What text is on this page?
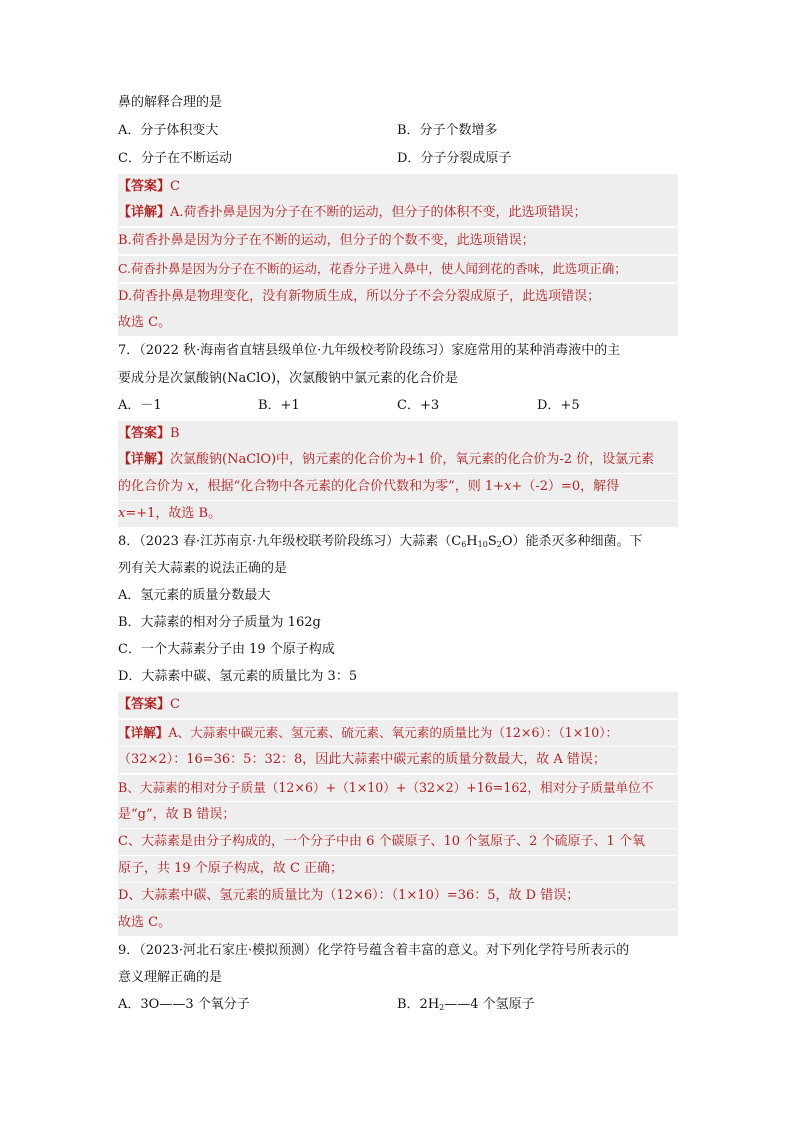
鼻的解释合理的是
A．分子体积变大	B．分子个数增多
C．分子在不断运动	D．分子分裂成原子
【答案】C
【详解】A.荷香扑鼻是因为分子在不断的运动，但分子的体积不变，此选项错误；
B.荷香扑鼻是因为分子在不断的运动，但分子的个数不变，此选项错误；
C.荷香扑鼻是因为分子在不断的运动，花香分子进入鼻中，使人闻到花的香味，此选项正确；
D.荷香扑鼻是物理变化，没有新物质生成，所以分子不会分裂成原子，此选项错误；
故选 C。
7．（2022 秋·海南省直辖县级单位·九年级校考阶段练习）家庭常用的某种消毒液中的主
要成分是次氯酸钠(NaClO)，次氯酸钠中氯元素的化合价是
A．－1	B．+1	C．+3	D．+5
【答案】B
【详解】次氯酸钠(NaClO)中，钠元素的化合价为+1 价，氧元素的化合价为-2 价，设氯元素
的化合价为 x，根据“化合物中各元素的化合价代数和为零”，则 1+x+（-2）=0，解得
x=+1，故选 B。
8．（2023 春·江苏南京·九年级校联考阶段练习）大蒜素$(C_6H_{10}S_2O)$能杀灭多种细菌。下
列有关大蒜素的说法正确的是
A．氢元素的质量分数最大
B．大蒜素的相对分子质量为 162g
C．一个大蒜素分子由 19 个原子构成
D．大蒜素中碳、氢元素的质量比为 3：5
【答案】C
【详解】A、大蒜素中碳元素、氢元素、硫元素、氧元素的质量比为（12×6）：（1×10）：
（32×2）：16=36：5：32：8，因此大蒜素中碳元素的质量分数最大，故 A 错误；
B、大蒜素的相对分子质量（12×6）+（1×10）+（32×2）+16=162，相对分子质量单位不
是“g”，故 B 错误；
C、大蒜素是由分子构成的，一个分子中由 6 个碳原子、10 个氢原子、2 个硫原子、1 个氧
原子，共 19 个原子构成，故 C 正确；
D、大蒜素中碳、氢元素的质量比为（12×6）：（1×10）=36：5，故 D 错误；
故选 C。
9．（2023·河北石家庄·模拟预测）化学符号蕴含着丰富的意义。对下列化学符号所表示的
意义理解正确的是
A．3O——3 个氧分子	B．$2H_2——4$ 个氢原子
